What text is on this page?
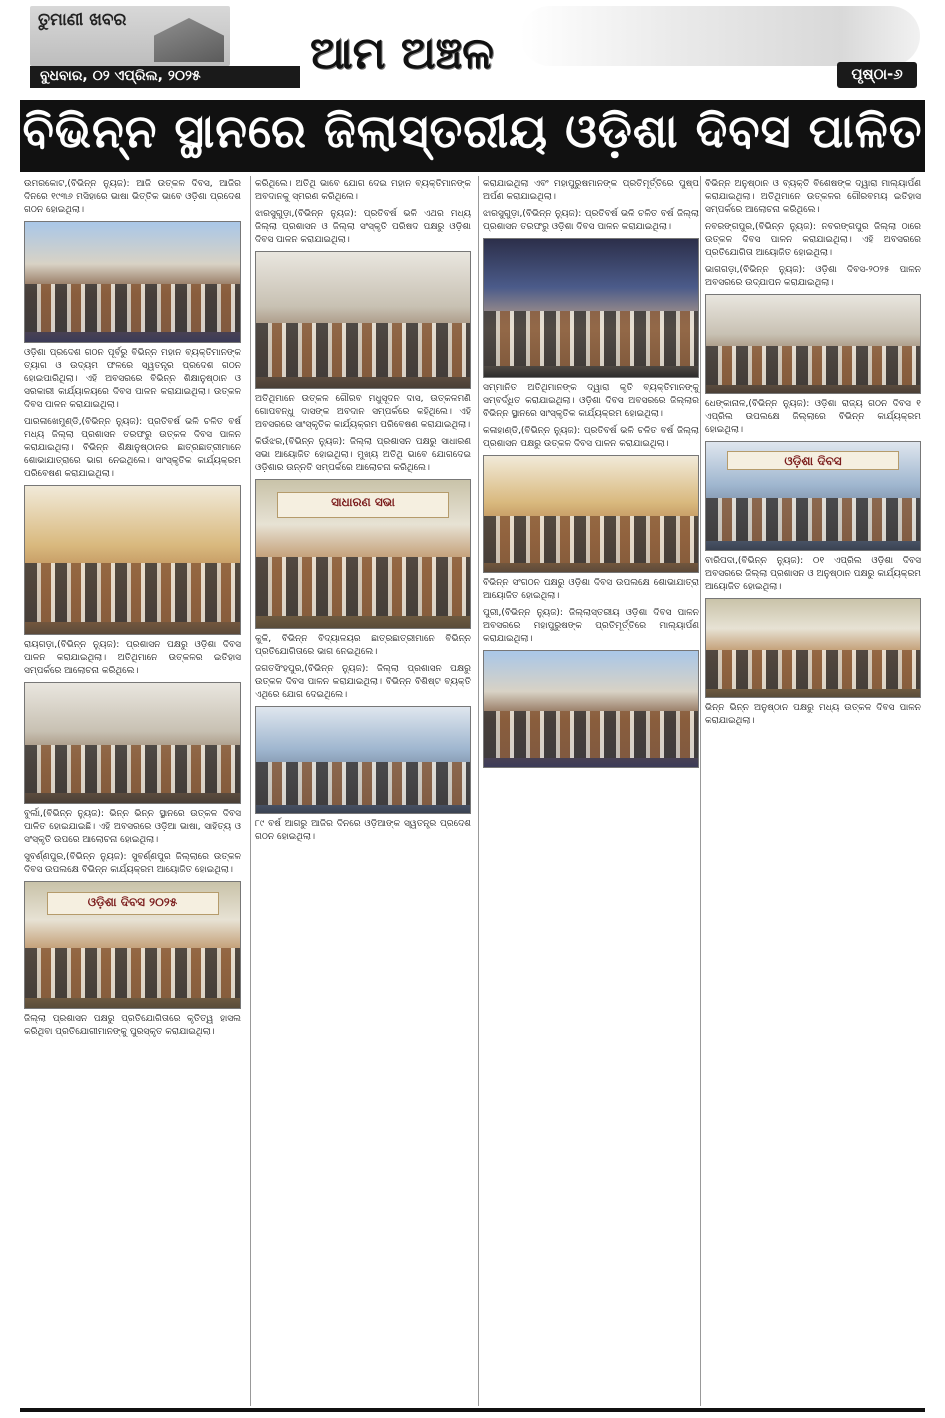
ତୁମାଣୀ ଖବର
ବୁଧବାର, ୦୨ ଏପ୍ରିଲ, ୨୦୨୫	ଆମ ଅଞ୍ଚଳ	ପୃଷ୍ଠା-୬
ବିଭିନ୍ନ ସ୍ଥାନରେ ଜିଲାସ୍ତରୀୟ ଓଡ଼ିଶା ଦିବସ ପାଳିତ

ଉମରକୋଟ,(ବିଭିନ୍ନ ନ୍ୟୁଜ): ଆଜି ଉତ୍କଳ ଦିବସ, ଆଜିର ଦିନରେ ୧୯୩୬ ମସିହାରେ ଭାଷା ଭିତ୍ତିକ ଭାବେ ଓଡ଼ିଶା ପ୍ରଦେଶ ଗଠନ ହୋଇଥିଲା।

ଓଡ଼ିଶା ପ୍ରଦେଶ ଗଠନ ପୂର୍ବରୁ ବିଭିନ୍ନ ମହାନ ବ୍ୟକ୍ତିମାନଙ୍କ ତ୍ୟାଗ ଓ ଉଦ୍ୟମ ଫଳରେ ସ୍ୱତନ୍ତ୍ର ପ୍ରଦେଶ ଗଠନ ହୋଇପାରିଥିଲା। ଏହି ଅବସରରେ ବିଭିନ୍ନ ଶିକ୍ଷାନୁଷ୍ଠାନ ଓ ସରକାରୀ କାର୍ଯ୍ୟାଳୟରେ ଦିବସ ପାଳନ କରାଯାଇଥିଲା। ଉତ୍କଳ ଦିବସ ପାଳନ କରାଯାଇଥିଲା।

ପାରଳାଖେମୁଣ୍ଡି,(ବିଭିନ୍ନ ନ୍ୟୁଜ): ପ୍ରତିବର୍ଷ ଭଳି ଚଳିତ ବର୍ଷ ମଧ୍ୟ ଜିଲ୍ଲା ପ୍ରଶାସନ ତରଫରୁ ଉତ୍କଳ ଦିବସ ପାଳନ କରାଯାଇଥିଲା। ବିଭିନ୍ନ ଶିକ୍ଷାନୁଷ୍ଠାନର ଛାତ୍ରଛାତ୍ରୀମାନେ ଶୋଭାଯାତ୍ରାରେ ଭାଗ ନେଇଥିଲେ। ସାଂସ୍କୃତିକ କାର୍ଯ୍ୟକ୍ରମ ପରିବେଷଣ କରାଯାଇଥିଲା।

ରାୟଗଡ଼ା,(ବିଭିନ୍ନ ନ୍ୟୁଜ): ପ୍ରଶାସନ ପକ୍ଷରୁ ଓଡ଼ିଶା ଦିବସ ପାଳନ କରାଯାଇଥିଲା। ଅତିଥିମାନେ ଉତ୍କଳର ଇତିହାସ ସମ୍ପର୍କରେ ଆଲୋଚନା କରିଥିଲେ।

ବୁର୍ଲା,(ବିଭିନ୍ନ ନ୍ୟୁଜ): ଭିନ୍ନ ଭିନ୍ନ ସ୍ଥାନରେ ଉତ୍କଳ ଦିବସ ପାଳିତ ହୋଇଯାଇଛି। ଏହି ଅବସରରେ ଓଡ଼ିଆ ଭାଷା, ସାହିତ୍ୟ ଓ ସଂସ୍କୃତି ଉପରେ ଆଲୋଚନା ହୋଇଥିଲା।

ସୁବର୍ଣ୍ଣପୁର,(ବିଭିନ୍ନ ନ୍ୟୁଜ): ସୁବର୍ଣ୍ଣପୁର ଜିଲ୍ଲାରେ ଉତ୍କଳ ଦିବସ ଉପଲକ୍ଷେ ବିଭିନ୍ନ କାର୍ଯ୍ୟକ୍ରମ ଆୟୋଜିତ ହୋଇଥିଲା।

ଓଡ଼ିଶା ଦିବସ ୨୦୨୫

ଜିଲ୍ଲା ପ୍ରଶାସନ ପକ୍ଷରୁ ପ୍ରତିଯୋଗିତାରେ କୃତିତ୍ୱ ହାସଲ କରିଥିବା ପ୍ରତିଯୋଗୀମାନଙ୍କୁ ପୁରସ୍କୃତ କରାଯାଇଥିଲା।

କରିଥିଲେ। ଅତିଥି ଭାବେ ଯୋଗ ଦେଇ ମହାନ ବ୍ୟକ୍ତିମାନଙ୍କ ଅବଦାନକୁ ସ୍ମରଣ କରିଥିଲେ।

ଝାରସୁଗୁଡ଼ା,(ବିଭିନ୍ନ ନ୍ୟୁଜ): ପ୍ରତିବର୍ଷ ଭଳି ଏଥର ମଧ୍ୟ ଜିଲ୍ଲା ପ୍ରଶାସନ ଓ ଜିଲ୍ଲା ସଂସ୍କୃତି ପରିଷଦ ପକ୍ଷରୁ ଓଡ଼ିଶା ଦିବସ ପାଳନ କରାଯାଇଥିଲା।

ଅତିଥିମାନେ ଉତ୍କଳ ଗୌରବ ମଧୁସୂଦନ ଦାସ, ଉତ୍କଳମଣି ଗୋପବନ୍ଧୁ ଦାସଙ୍କ ଅବଦାନ ସମ୍ପର୍କରେ କହିଥିଲେ। ଏହି ଅବସରରେ ସାଂସ୍କୃତିକ କାର୍ଯ୍ୟକ୍ରମ ପରିବେଷଣ କରାଯାଇଥିଲା।

କିଉଁଝର,(ବିଭିନ୍ନ ନ୍ୟୁଜ): ଜିଲ୍ଲା ପ୍ରଶାସନ ପକ୍ଷରୁ ସାଧାରଣ ସଭା ଆୟୋଜିତ ହୋଇଥିଲା। ମୁଖ୍ୟ ଅତିଥି ଭାବେ ଯୋଗଦେଇ ଓଡ଼ିଶାର ଉନ୍ନତି ସମ୍ପର୍କରେ ଆଲୋଚନା କରିଥିଲେ।

ସାଧାରଣ ସଭା

କୁକି, ବିଭିନ୍ନ ବିଦ୍ୟାଳୟର ଛାତ୍ରଛାତ୍ରୀମାନେ ବିଭିନ୍ନ ପ୍ରତିଯୋଗିତାରେ ଭାଗ ନେଇଥିଲେ।

ଜଗତସିଂହପୁର,(ବିଭିନ୍ନ ନ୍ୟୁଜ): ଜିଲ୍ଲା ପ୍ରଶାସନ ପକ୍ଷରୁ ଉତ୍କଳ ଦିବସ ପାଳନ କରାଯାଇଥିଲା। ବିଭିନ୍ନ ବିଶିଷ୍ଟ ବ୍ୟକ୍ତି ଏଥିରେ ଯୋଗ ଦେଇଥିଲେ।

୮୯ ବର୍ଷ ଆଗରୁ ଆଜିର ଦିନରେ ଓଡ଼ିଆଙ୍କ ସ୍ୱତନ୍ତ୍ର ପ୍ରଦେଶ ଗଠନ ହୋଇଥିଲା।

କରାଯାଇଥିଲା ଏବଂ ମହାପୁରୁଷମାନଙ୍କ ପ୍ରତିମୂର୍ତ୍ତିରେ ପୁଷ୍ପ ଅର୍ପଣ କରାଯାଇଥିଲା।

ଝାରସୁଗୁଡ଼ା,(ବିଭିନ୍ନ ନ୍ୟୁଜ): ପ୍ରତିବର୍ଷ ଭଳି ଚଳିତ ବର୍ଷ ଜିଲ୍ଲା ପ୍ରଶାସନ ତରଫରୁ ଓଡ଼ିଶା ଦିବସ ପାଳନ କରାଯାଇଥିଲା।

ସମ୍ମାନିତ ଅତିଥିମାନଙ୍କ ଦ୍ୱାରା କୃତି ବ୍ୟକ୍ତିମାନଙ୍କୁ ସମ୍ବର୍ଦ୍ଧିତ କରାଯାଇଥିଲା। ଓଡ଼ିଶା ଦିବସ ଅବସରରେ ଜିଲ୍ଲାର ବିଭିନ୍ନ ସ୍ଥାନରେ ସାଂସ୍କୃତିକ କାର୍ଯ୍ୟକ୍ରମ ହୋଇଥିଲା।

କଳାହାଣ୍ଡି,(ବିଭିନ୍ନ ନ୍ୟୁଜ): ପ୍ରତିବର୍ଷ ଭଳି ଚଳିତ ବର୍ଷ ଜିଲ୍ଲା ପ୍ରଶାସନ ପକ୍ଷରୁ ଉତ୍କଳ ଦିବସ ପାଳନ କରାଯାଇଥିଲା।

ବିଭିନ୍ନ ସଂଗଠନ ପକ୍ଷରୁ ଓଡ଼ିଶା ଦିବସ ଉପଲକ୍ଷେ ଶୋଭାଯାତ୍ରା ଆୟୋଜିତ ହୋଇଥିଲା।

ପୁରୀ,(ବିଭିନ୍ନ ନ୍ୟୁଜ): ଜିଲ୍ଲାସ୍ତରୀୟ ଓଡ଼ିଶା ଦିବସ ପାଳନ ଅବସରରେ ମହାପୁରୁଷଙ୍କ ପ୍ରତିମୂର୍ତ୍ତିରେ ମାଲ୍ୟାର୍ପଣ କରାଯାଇଥିଲା।

ବିଭିନ୍ନ ଅନୁଷ୍ଠାନ ଓ ବ୍ୟକ୍ତି ବିଶେଷଙ୍କ ଦ୍ୱାରା ମାଲ୍ୟାର୍ପଣ କରାଯାଇଥିଲା। ଅତିଥିମାନେ ଉତ୍କଳର ଗୌରବମୟ ଇତିହାସ ସମ୍ପର୍କରେ ଆଲୋଚନା କରିଥିଲେ।

ନବରଙ୍ଗପୁର,(ବିଭିନ୍ନ ନ୍ୟୁଜ): ନବରଙ୍ଗପୁର ଜିଲ୍ଲା ଠାରେ ଉତ୍କଳ ଦିବସ ପାଳନ କରାଯାଇଥିଲା। ଏହି ଅବସରରେ ପ୍ରତିଯୋଗିତା ଆୟୋଜିତ ହୋଇଥିଲା।

ଭାଗଗଡ଼ା,(ବିଭିନ୍ନ ନ୍ୟୁଜ): ଓଡ଼ିଶା ଦିବସ-୨୦୨୫ ପାଳନ ଅବସରରେ ଉଦ୍‌ଯାପନ କରାଯାଇଥିଲା।

ଧେଙ୍କାନାଳ,(ବିଭିନ୍ନ ନ୍ୟୁଜ): ଓଡ଼ିଶା ରାଜ୍ୟ ଗଠନ ଦିବସ ୧ ଏପ୍ରିଲ ଉପଲକ୍ଷେ ଜିଲ୍ଲାରେ ବିଭିନ୍ନ କାର୍ଯ୍ୟକ୍ରମ ହୋଇଥିଲା।

ଓଡ଼ିଶା ଦିବସ

ବାରିପଦା,(ବିଭିନ୍ନ ନ୍ୟୁଜ): ୦୧ ଏପ୍ରିଲ ଓଡ଼ିଶା ଦିବସ ଅବସରରେ ଜିଲ୍ଲା ପ୍ରଶାସନ ଓ ଅନୁଷ୍ଠାନ ପକ୍ଷରୁ କାର୍ଯ୍ୟକ୍ରମ ଆୟୋଜିତ ହୋଇଥିଲା।

ଭିନ୍ନ ଭିନ୍ନ ଅନୁଷ୍ଠାନ ପକ୍ଷରୁ ମଧ୍ୟ ଉତ୍କଳ ଦିବସ ପାଳନ କରାଯାଇଥିଲା।
